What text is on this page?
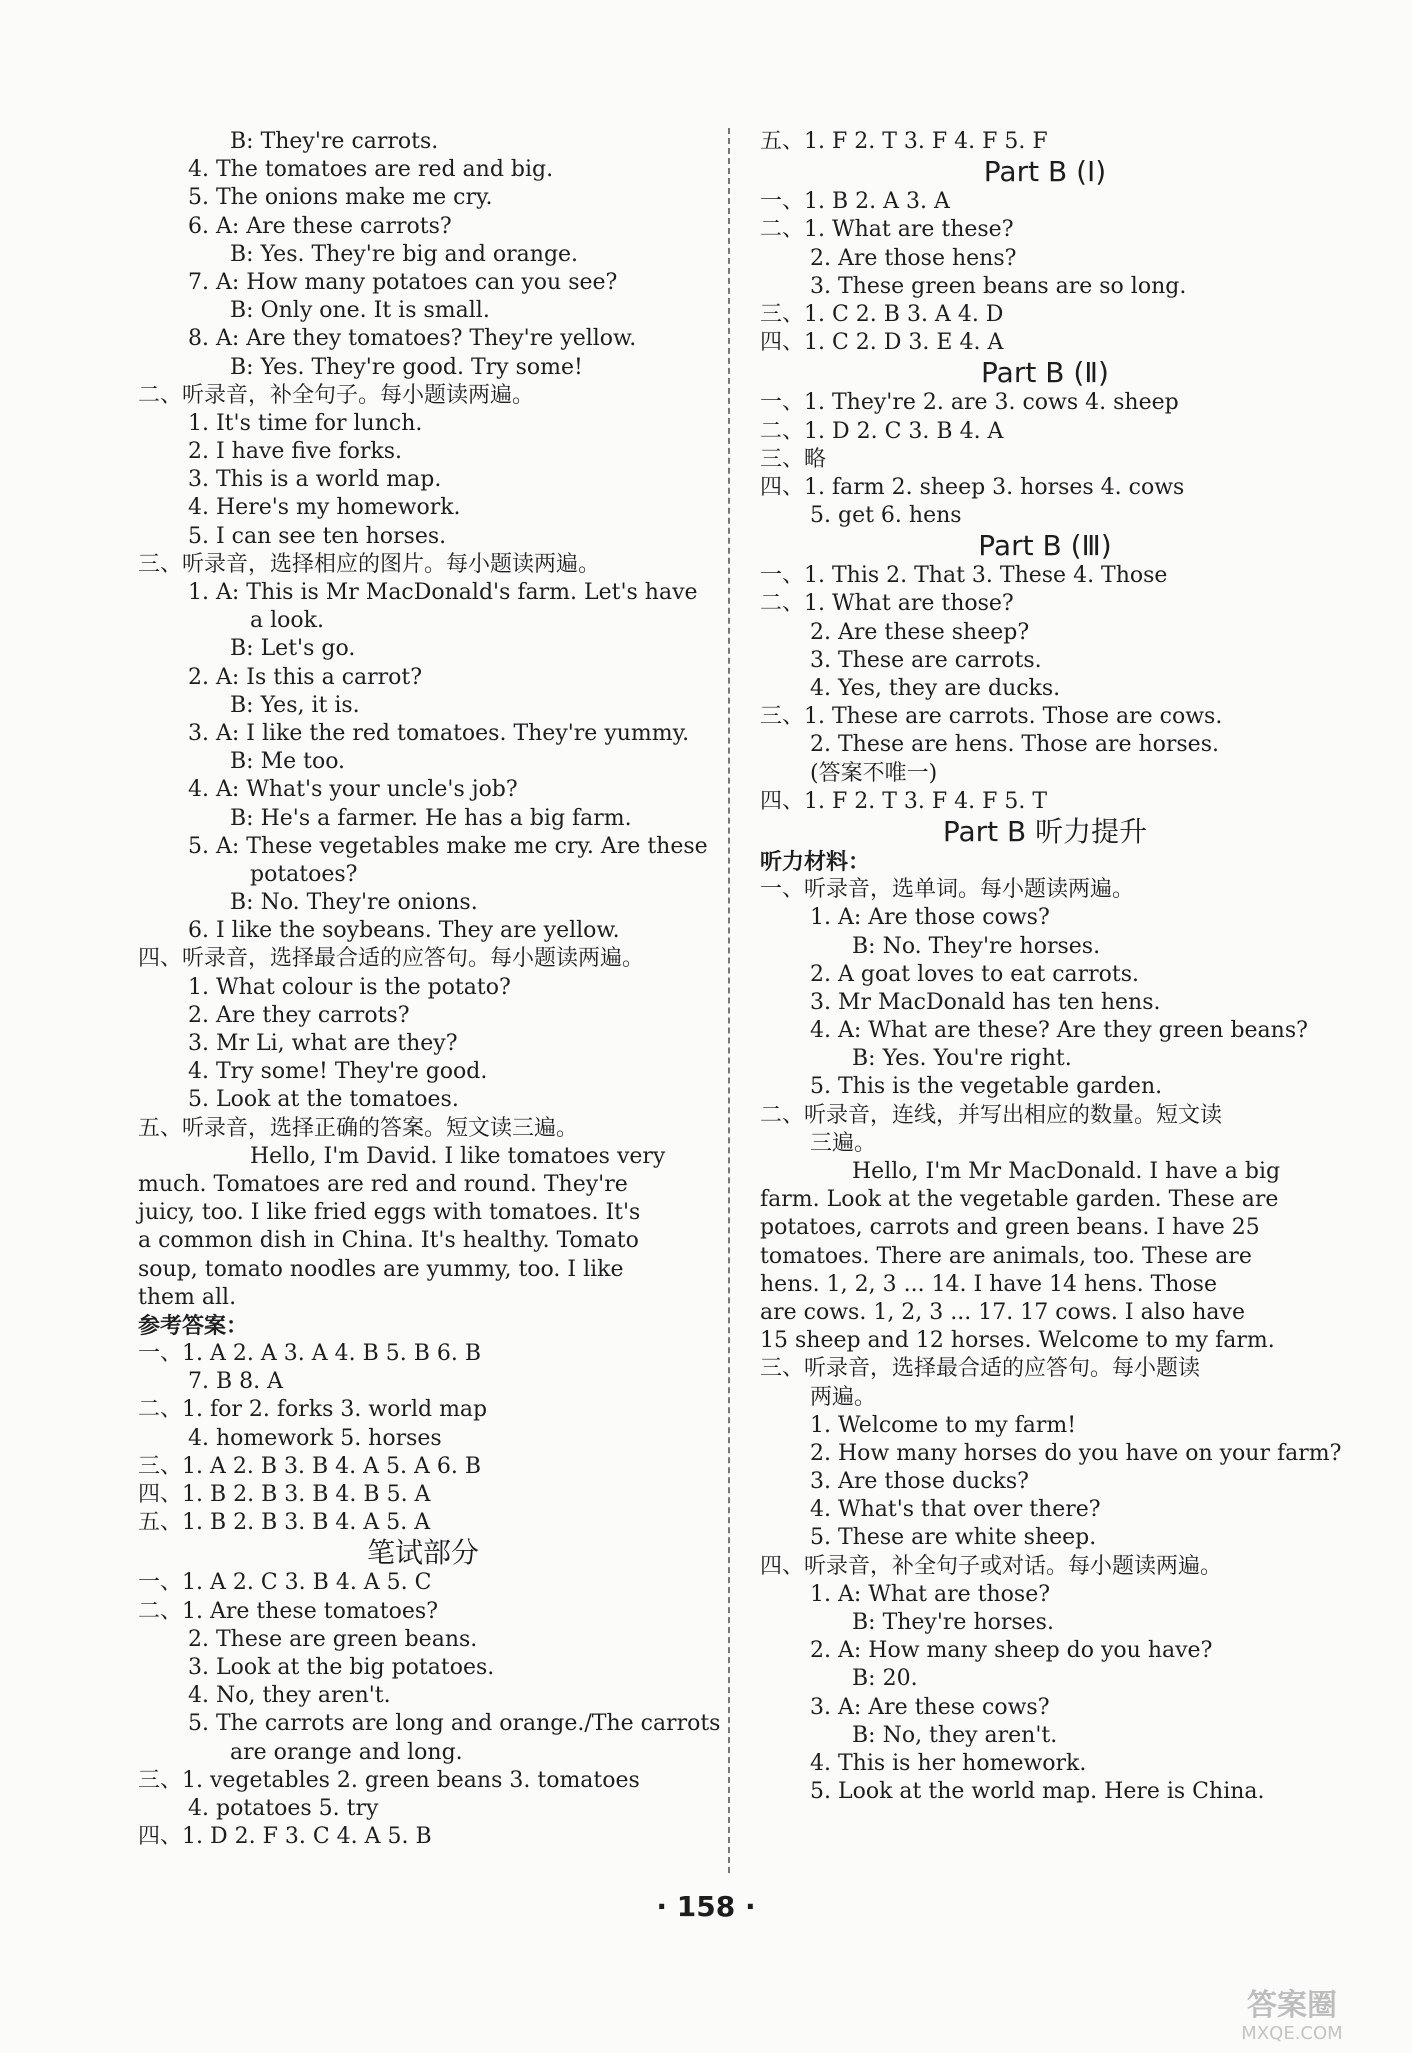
B: They're carrots.
4. The tomatoes are red and big.
5. The onions make me cry.
6. A: Are these carrots?
B: Yes. They're big and orange.
7. A: How many potatoes can you see?
B: Only one. It is small.
8. A: Are they tomatoes? They're yellow.
B: Yes. They're good. Try some!
二、听录音，补全句子。每小题读两遍。
1. It's time for lunch.
2. I have five forks.
3. This is a world map.
4. Here's my homework.
5. I can see ten horses.
三、听录音，选择相应的图片。每小题读两遍。
1. A: This is Mr MacDonald's farm. Let's have
a look.
B: Let's go.
2. A: Is this a carrot?
B: Yes, it is.
3. A: I like the red tomatoes. They're yummy.
B: Me too.
4. A: What's your uncle's job?
B: He's a farmer. He has a big farm.
5. A: These vegetables make me cry. Are these
potatoes?
B: No. They're onions.
6. I like the soybeans. They are yellow.
四、听录音，选择最合适的应答句。每小题读两遍。
1. What colour is the potato?
2. Are they carrots?
3. Mr Li, what are they?
4. Try some! They're good.
5. Look at the tomatoes.
五、听录音，选择正确的答案。短文读三遍。
Hello, I'm David. I like tomatoes very
much. Tomatoes are red and round. They're
juicy, too. I like fried eggs with tomatoes. It's
a common dish in China. It's healthy. Tomato
soup, tomato noodles are yummy, too. I like
them all.
参考答案：
一、1. A 2. A 3. A 4. B 5. B 6. B
7. B 8. A
二、1. for 2. forks 3. world map
4. homework 5. horses
三、1. A 2. B 3. B 4. A 5. A 6. B
四、1. B 2. B 3. B 4. B 5. A
五、1. B 2. B 3. B 4. A 5. A
笔试部分
一、1. A 2. C 3. B 4. A 5. C
二、1. Are these tomatoes?
2. These are green beans.
3. Look at the big potatoes.
4. No, they aren't.
5. The carrots are long and orange./The carrots
are orange and long.
三、1. vegetables 2. green beans 3. tomatoes
4. potatoes 5. try
四、1. D 2. F 3. C 4. A 5. B
五、1. F 2. T 3. F 4. F 5. F
Part B (Ⅰ)
一、1. B 2. A 3. A
二、1. What are these?
2. Are those hens?
3. These green beans are so long.
三、1. C 2. B 3. A 4. D
四、1. C 2. D 3. E 4. A
Part B (Ⅱ)
一、1. They're 2. are 3. cows 4. sheep
二、1. D 2. C 3. B 4. A
三、略
四、1. farm 2. sheep 3. horses 4. cows
5. get 6. hens
Part B (Ⅲ)
一、1. This 2. That 3. These 4. Those
二、1. What are those?
2. Are these sheep?
3. These are carrots.
4. Yes, they are ducks.
三、1. These are carrots. Those are cows.
2. These are hens. Those are horses.
(答案不唯一)
四、1. F 2. T 3. F 4. F 5. T
Part B 听力提升
听力材料：
一、听录音，选单词。每小题读两遍。
1. A: Are those cows?
B: No. They're horses.
2. A goat loves to eat carrots.
3. Mr MacDonald has ten hens.
4. A: What are these? Are they green beans?
B: Yes. You're right.
5. This is the vegetable garden.
二、听录音，连线，并写出相应的数量。短文读
三遍。
Hello, I'm Mr MacDonald. I have a big
farm. Look at the vegetable garden. These are
potatoes, carrots and green beans. I have 25
tomatoes. There are animals, too. These are
hens. 1, 2, 3 ... 14. I have 14 hens. Those
are cows. 1, 2, 3 ... 17. 17 cows. I also have
15 sheep and 12 horses. Welcome to my farm.
三、听录音，选择最合适的应答句。每小题读
两遍。
1. Welcome to my farm!
2. How many horses do you have on your farm?
3. Are those ducks?
4. What's that over there?
5. These are white sheep.
四、听录音，补全句子或对话。每小题读两遍。
1. A: What are those?
B: They're horses.
2. A: How many sheep do you have?
B: 20.
3. A: Are these cows?
B: No, they aren't.
4. This is her homework.
5. Look at the world map. Here is China.
· 158 ·
答案圈
MXQE.COM
